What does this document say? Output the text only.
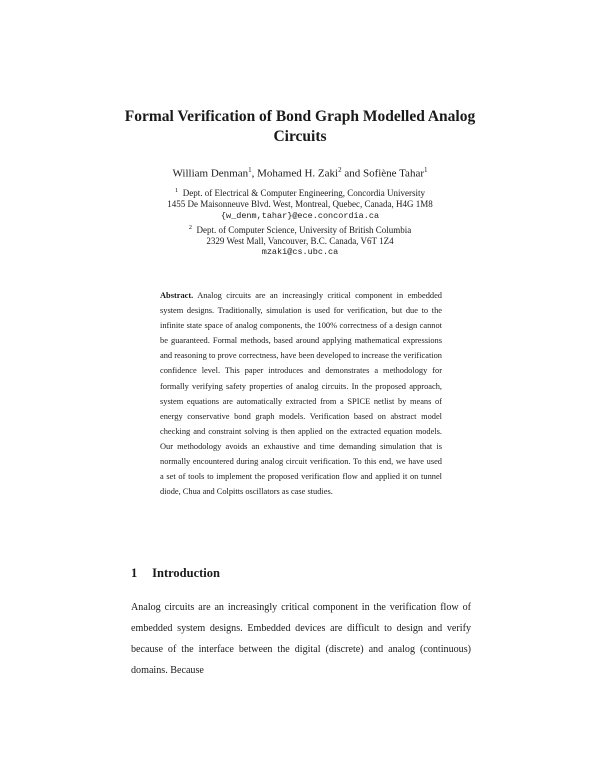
Formal Verification of Bond Graph Modelled Analog
Circuits
William Denman$^1$, Mohamed H. Zaki$^2$ and Sofiène Tahar$^1$
$^1$ Dept. of Electrical & Computer Engineering, Concordia University
1455 De Maisonneuve Blvd. West, Montreal, Quebec, Canada, H4G 1M8
{w_denm,tahar}@ece.concordia.ca
$^2$ Dept. of Computer Science, University of British Columbia
2329 West Mall, Vancouver, B.C. Canada, V6T 1Z4
mzaki@cs.ubc.ca
Abstract. Analog circuits are an increasingly critical component in embedded system designs. Traditionally, simulation is used for verification, but due to the infinite state space of analog components, the 100% correctness of a design cannot be guaranteed. Formal methods, based around applying mathematical expressions and reasoning to prove correctness, have been developed to increase the verification confidence level. This paper introduces and demonstrates a methodology for formally verifying safety properties of analog circuits. In the proposed approach, system equations are automatically extracted from a SPICE netlist by means of energy conservative bond graph models. Verification based on abstract model checking and constraint solving is then applied on the extracted equation models. Our methodology avoids an exhaustive and time demanding simulation that is normally encountered during analog circuit verification. To this end, we have used a set of tools to implement the proposed verification flow and applied it on tunnel diode, Chua and Colpitts oscillators as case studies.
1 Introduction
Analog circuits are an increasingly critical component in the verification flow of embedded system designs. Embedded devices are difficult to design and verify because of the interface between the digital (discrete) and analog (continuous) domains. Because
